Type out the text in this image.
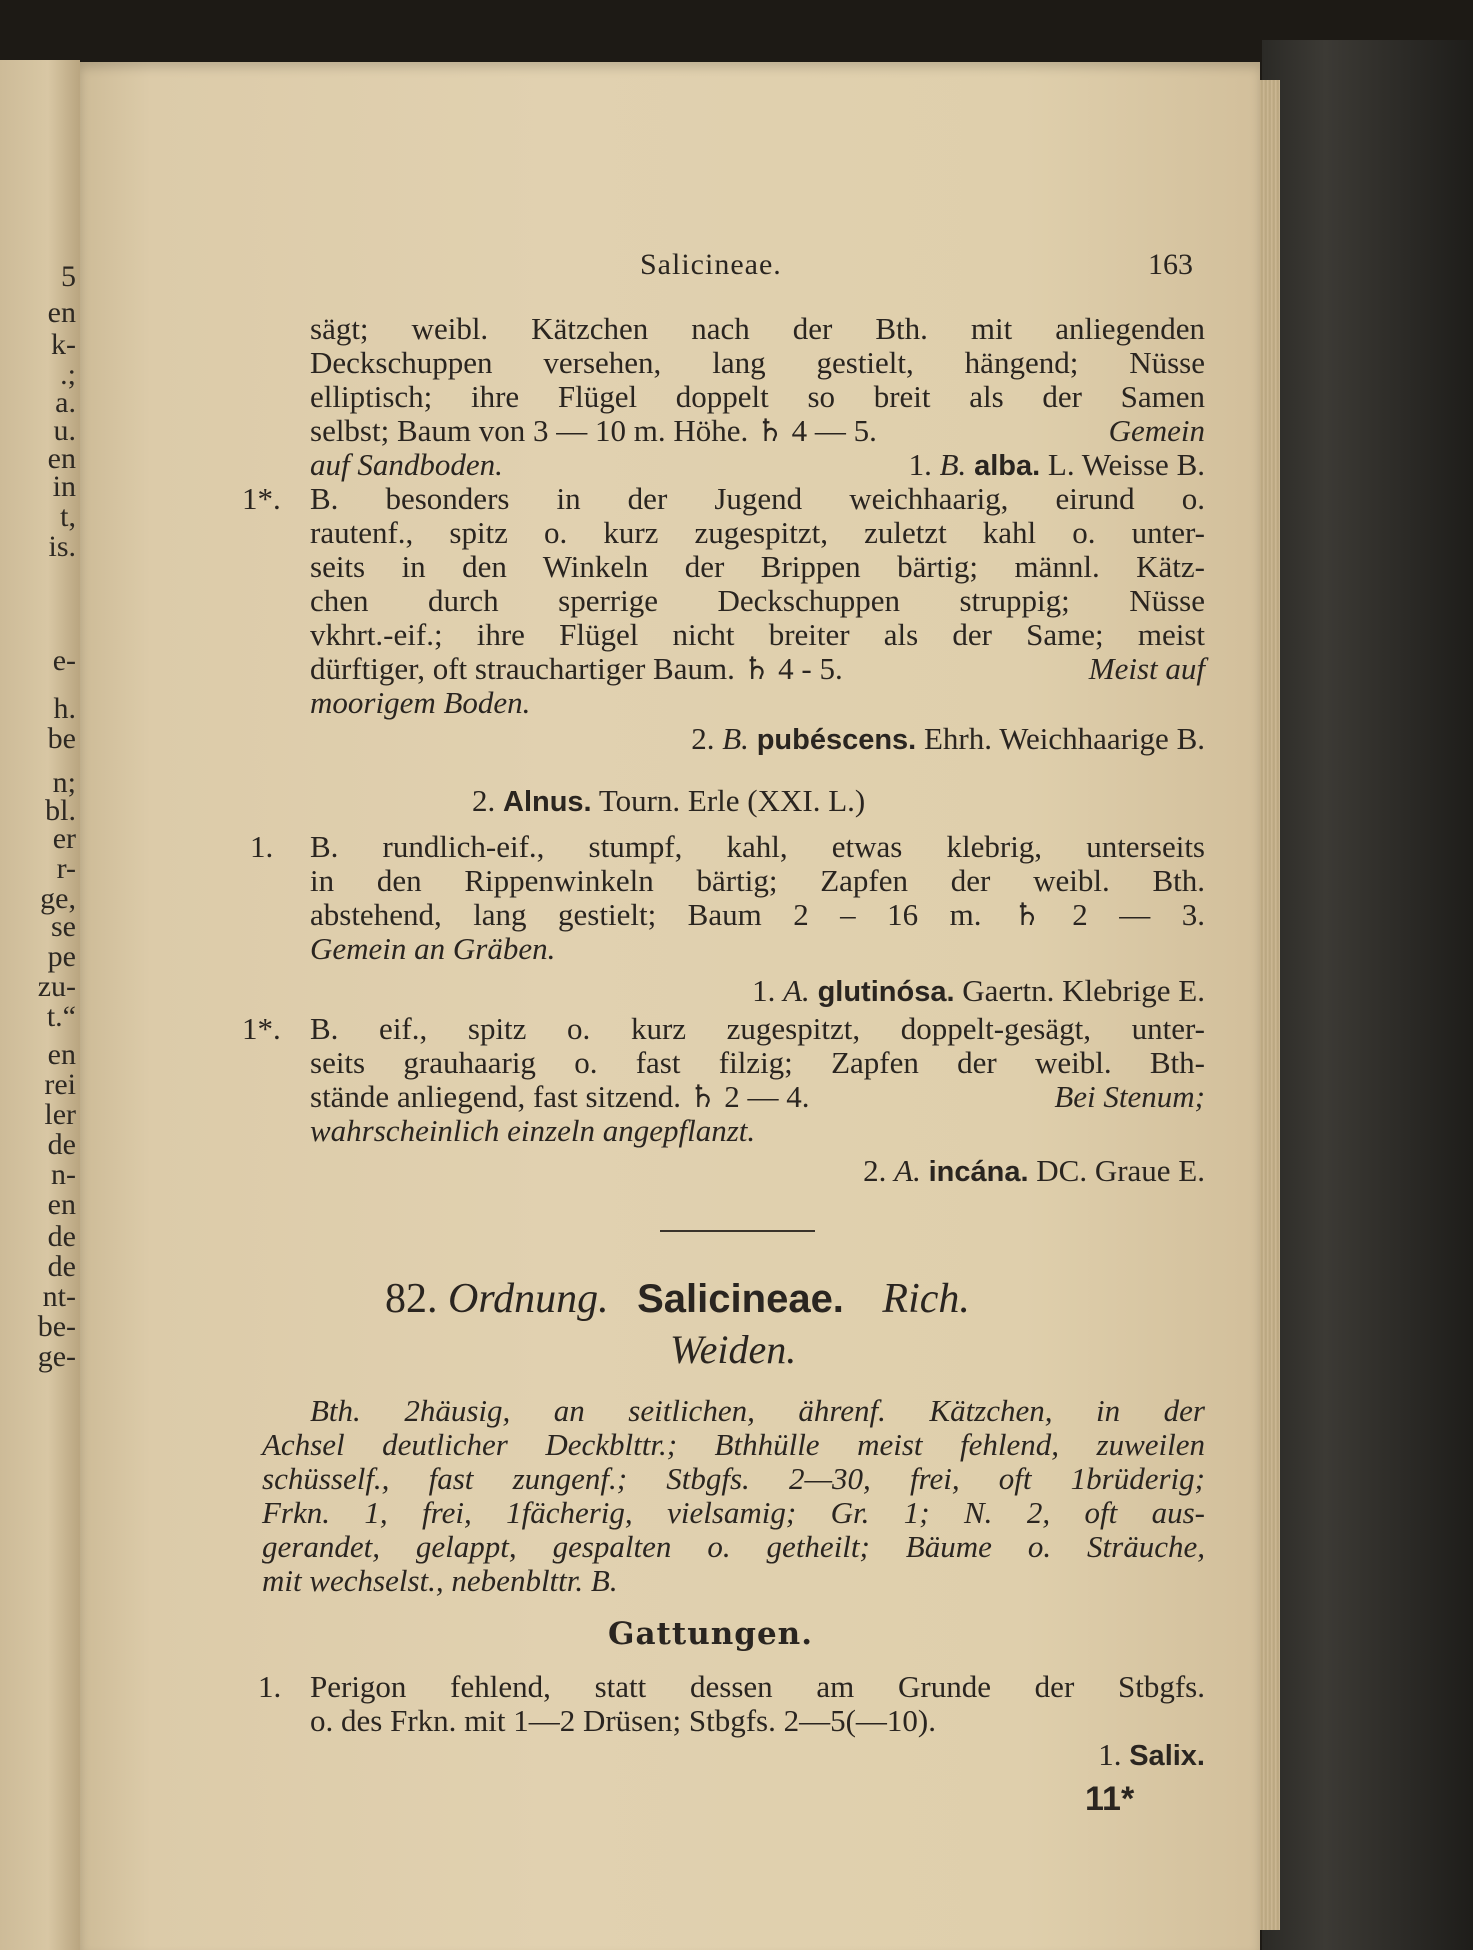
5
en
k-
.;
a.
u.
en
in
t,
is.
e-
h.
be
n;
bl.
er
r-
ge,
se
pe
zu-
t.“
en
rei
ler
de
n-
en
de
de
nt-
be-
ge-
Salicineae.	163
sägt; weibl. Kätzchen nach der Bth. mit anliegenden
Deckschuppen versehen, lang gestielt, hängend; Nüsse
elliptisch; ihre Flügel doppelt so breit als der Samen
selbst; Baum von 3 — 10 m. Höhe. ♄ 4 — 5.	Gemein
auf Sandboden.	1. B. alba. L. Weisse B.
1*. B. besonders in der Jugend weichhaarig, eirund o.
rautenf., spitz o. kurz zugespitzt, zuletzt kahl o. unter-
seits in den Winkeln der Brippen bärtig; männl. Kätz-
chen durch sperrige Deckschuppen struppig; Nüsse
vkhrt.-eif.; ihre Flügel nicht breiter als der Same; meist
dürftiger, oft strauchartiger Baum. ♄ 4 - 5.	Meist auf
moorigem Boden.
2. B. pubéscens. Ehrh. Weichhaarige B.
2. Alnus. Tourn. Erle (XXI. L.)
1. B. rundlich-eif., stumpf, kahl, etwas klebrig, unterseits
in den Rippenwinkeln bärtig; Zapfen der weibl. Bth.
abstehend, lang gestielt; Baum 2 – 16 m. ♄ 2 — 3.
Gemein an Gräben.
1. A. glutinósa. Gaertn. Klebrige E.
1*. B. eif., spitz o. kurz zugespitzt, doppelt-gesägt, unter-
seits grauhaarig o. fast filzig; Zapfen der weibl. Bth-
stände anliegend, fast sitzend. ♄ 2 — 4.	Bei Stenum;
wahrscheinlich einzeln angepflanzt.
2. A. incána. DC. Graue E.
82. Ordnung. Salicineae. Rich.
Weiden.
Bth. 2häusig, an seitlichen, ährenf. Kätzchen, in der
Achsel deutlicher Deckblttr.; Bthhülle meist fehlend, zuweilen
schüsself., fast zungenf.; Stbgfs. 2—30, frei, oft 1brüderig;
Frkn. 1, frei, 1fächerig, vielsamig; Gr. 1; N. 2, oft aus-
gerandet, gelappt, gespalten o. getheilt; Bäume o. Sträuche,
mit wechselst., nebenblttr. B.
Gattungen.
1. Perigon fehlend, statt dessen am Grunde der Stbgfs.
o. des Frkn. mit 1—2 Drüsen; Stbgfs. 2—5(—10).
1. Salix.
11*
